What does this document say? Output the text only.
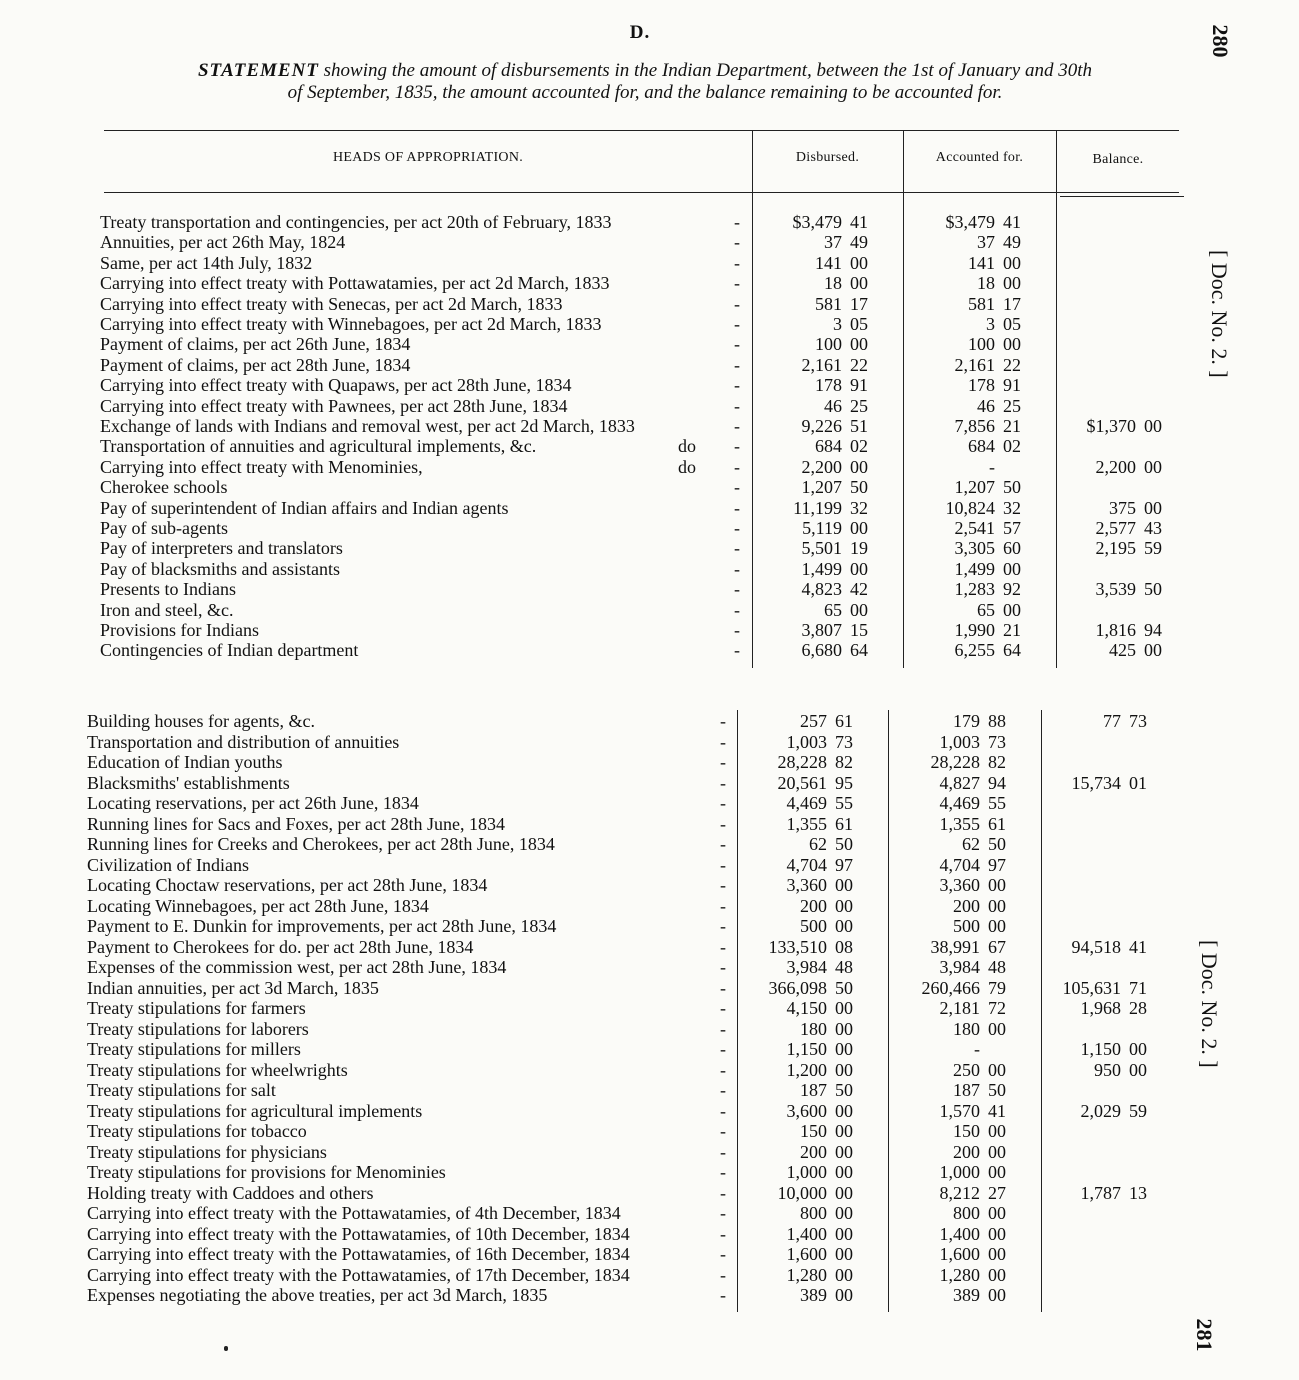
D.
STATEMENT showing the amount of disbursements in the Indian Department, between the 1st of January and 30th
of September, 1835, the amount accounted for, and the balance remaining to be accounted for.
280
281
[ Doc. No. 2. ]
[ Doc. No. 2. ]
HEADS OF APPROPRIATION.	Disbursed.	Accounted for.	Balance.
Treaty transportation and contingencies, per act 20th of February, 1833	-	$3,479 41	$3,479 41
Annuities, per act 26th May, 1824	-	37 49	37 49
Same, per act 14th July, 1832	-	141 00	141 00
Carrying into effect treaty with Pottawatamies, per act 2d March, 1833	-	18 00	18 00
Carrying into effect treaty with Senecas, per act 2d March, 1833	-	581 17	581 17
Carrying into effect treaty with Winnebagoes, per act 2d March, 1833	-	3 05	3 05
Payment of claims, per act 26th June, 1834	-	100 00	100 00
Payment of claims, per act 28th June, 1834	-	2,161 22	2,161 22
Carrying into effect treaty with Quapaws, per act 28th June, 1834	-	178 91	178 91
Carrying into effect treaty with Pawnees, per act 28th June, 1834	-	46 25	46 25
Exchange of lands with Indians and removal west, per act 2d March, 1833	-	9,226 51	7,856 21	$1,370 00
Transportation of annuities and agricultural implements, &c.	do -	684 02	684 02
Carrying into effect treaty with Menominies,	do -	2,200 00	-	2,200 00
Cherokee schools	-	1,207 50	1,207 50
Pay of superintendent of Indian affairs and Indian agents	-	11,199 32	10,824 32	375 00
Pay of sub-agents	-	5,119 00	2,541 57	2,577 43
Pay of interpreters and translators	-	5,501 19	3,305 60	2,195 59
Pay of blacksmiths and assistants	-	1,499 00	1,499 00
Presents to Indians	-	4,823 42	1,283 92	3,539 50
Iron and steel, &c.	-	65 00	65 00
Provisions for Indians	-	3,807 15	1,990 21	1,816 94
Contingencies of Indian department	-	6,680 64	6,255 64	425 00
Building houses for agents, &c.	-	257 61	179 88	77 73
Transportation and distribution of annuities	-	1,003 73	1,003 73
Education of Indian youths	-	28,228 82	28,228 82
Blacksmiths' establishments	-	20,561 95	4,827 94	15,734 01
Locating reservations, per act 26th June, 1834	-	4,469 55	4,469 55
Running lines for Sacs and Foxes, per act 28th June, 1834	-	1,355 61	1,355 61
Running lines for Creeks and Cherokees, per act 28th June, 1834	-	62 50	62 50
Civilization of Indians	-	4,704 97	4,704 97
Locating Choctaw reservations, per act 28th June, 1834	-	3,360 00	3,360 00
Locating Winnebagoes, per act 28th June, 1834	-	200 00	200 00
Payment to E. Dunkin for improvements, per act 28th June, 1834	-	500 00	500 00
Payment to Cherokees for do. per act 28th June, 1834	-	133,510 08	38,991 67	94,518 41
Expenses of the commission west, per act 28th June, 1834	-	3,984 48	3,984 48
Indian annuities, per act 3d March, 1835	-	366,098 50	260,466 79	105,631 71
Treaty stipulations for farmers	-	4,150 00	2,181 72	1,968 28
Treaty stipulations for laborers	-	180 00	180 00
Treaty stipulations for millers	-	1,150 00	-	1,150 00
Treaty stipulations for wheelwrights	-	1,200 00	250 00	950 00
Treaty stipulations for salt	-	187 50	187 50
Treaty stipulations for agricultural implements	-	3,600 00	1,570 41	2,029 59
Treaty stipulations for tobacco	-	150 00	150 00
Treaty stipulations for physicians	-	200 00	200 00
Treaty stipulations for provisions for Menominies	-	1,000 00	1,000 00
Holding treaty with Caddoes and others	-	10,000 00	8,212 27	1,787 13
Carrying into effect treaty with the Pottawatamies, of 4th December, 1834	-	800 00	800 00
Carrying into effect treaty with the Pottawatamies, of 10th December, 1834	-	1,400 00	1,400 00
Carrying into effect treaty with the Pottawatamies, of 16th December, 1834	-	1,600 00	1,600 00
Carrying into effect treaty with the Pottawatamies, of 17th December, 1834	-	1,280 00	1,280 00
Expenses negotiating the above treaties, per act 3d March, 1835	-	389 00	389 00
